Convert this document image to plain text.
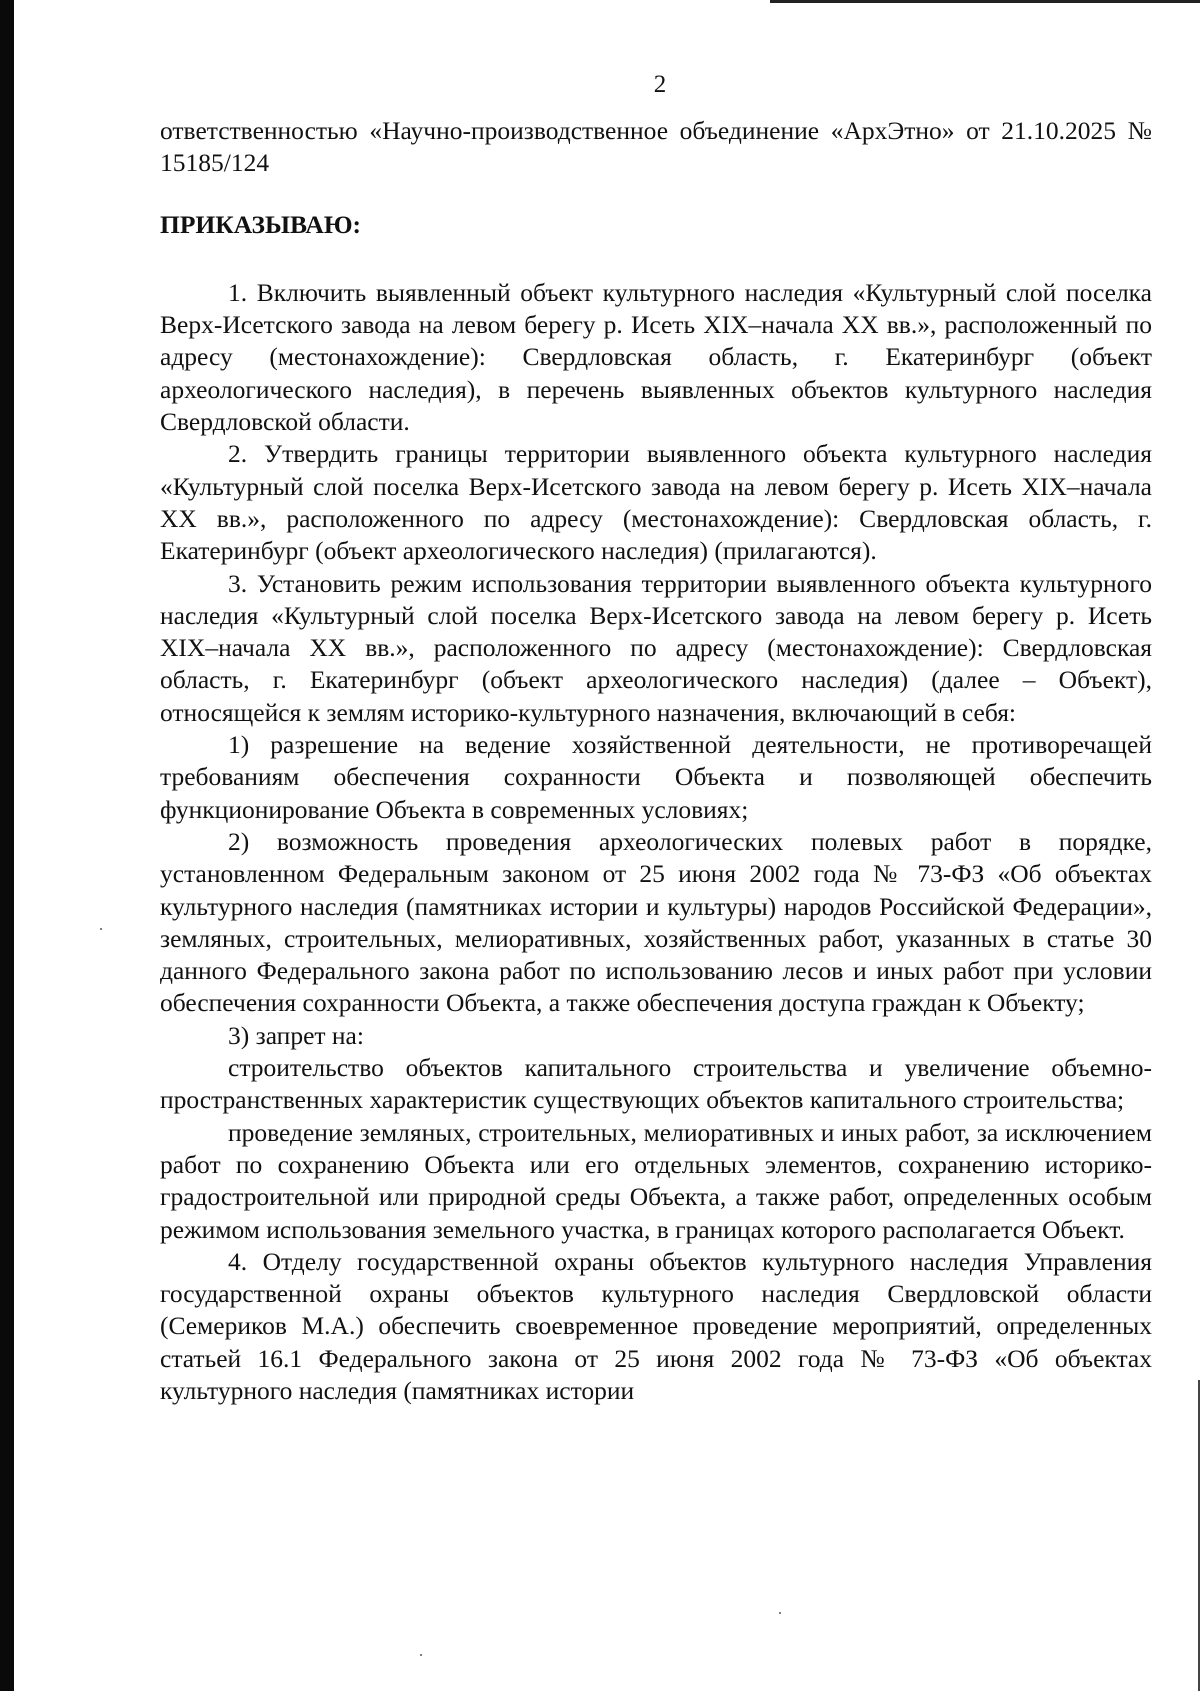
2

ответственностью «Научно-производственное объединение «АрхЭтно» от 21.10.2025 № 15185/124

ПРИКАЗЫВАЮ:

1. Включить выявленный объект культурного наследия «Культурный слой поселка Верх-Исетского завода на левом берегу р. Исеть XIX–начала XX вв.», расположенный по адресу (местонахождение): Свердловская область, г. Екатеринбург (объект археологического наследия), в перечень выявленных объектов культурного наследия Свердловской области.

2. Утвердить границы территории выявленного объекта культурного наследия «Культурный слой поселка Верх-Исетского завода на левом берегу р. Исеть XIX–начала XX вв.», расположенного по адресу (местонахождение): Свердловская область, г. Екатеринбург (объект археологического наследия) (прилагаются).

3. Установить режим использования территории выявленного объекта культурного наследия «Культурный слой поселка Верх-Исетского завода на левом берегу р. Исеть XIX–начала XX вв.», расположенного по адресу (местонахождение): Свердловская область, г. Екатеринбург (объект археологического наследия) (далее – Объект), относящейся к землям историко-культурного назначения, включающий в себя:

1) разрешение на ведение хозяйственной деятельности, не противоречащей требованиям обеспечения сохранности Объекта и позволяющей обеспечить функционирование Объекта в современных условиях;

2) возможность проведения археологических полевых работ в порядке, установленном Федеральным законом от 25 июня 2002 года № 73-ФЗ «Об объектах культурного наследия (памятниках истории и культуры) народов Российской Федерации», земляных, строительных, мелиоративных, хозяйственных работ, указанных в статье 30 данного Федерального закона работ по использованию лесов и иных работ при условии обеспечения сохранности Объекта, а также обеспечения доступа граждан к Объекту;

3) запрет на:

строительство объектов капитального строительства и увеличение объемно-пространственных характеристик существующих объектов капитального строительства;

проведение земляных, строительных, мелиоративных и иных работ, за исключением работ по сохранению Объекта или его отдельных элементов, сохранению историко-градостроительной или природной среды Объекта, а также работ, определенных особым режимом использования земельного участка, в границах которого располагается Объект.

4. Отделу государственной охраны объектов культурного наследия Управления государственной охраны объектов культурного наследия Свердловской области (Семериков М.А.) обеспечить своевременное проведение мероприятий, определенных статьей 16.1 Федерального закона от 25 июня 2002 года № 73-ФЗ «Об объектах культурного наследия (памятниках истории
